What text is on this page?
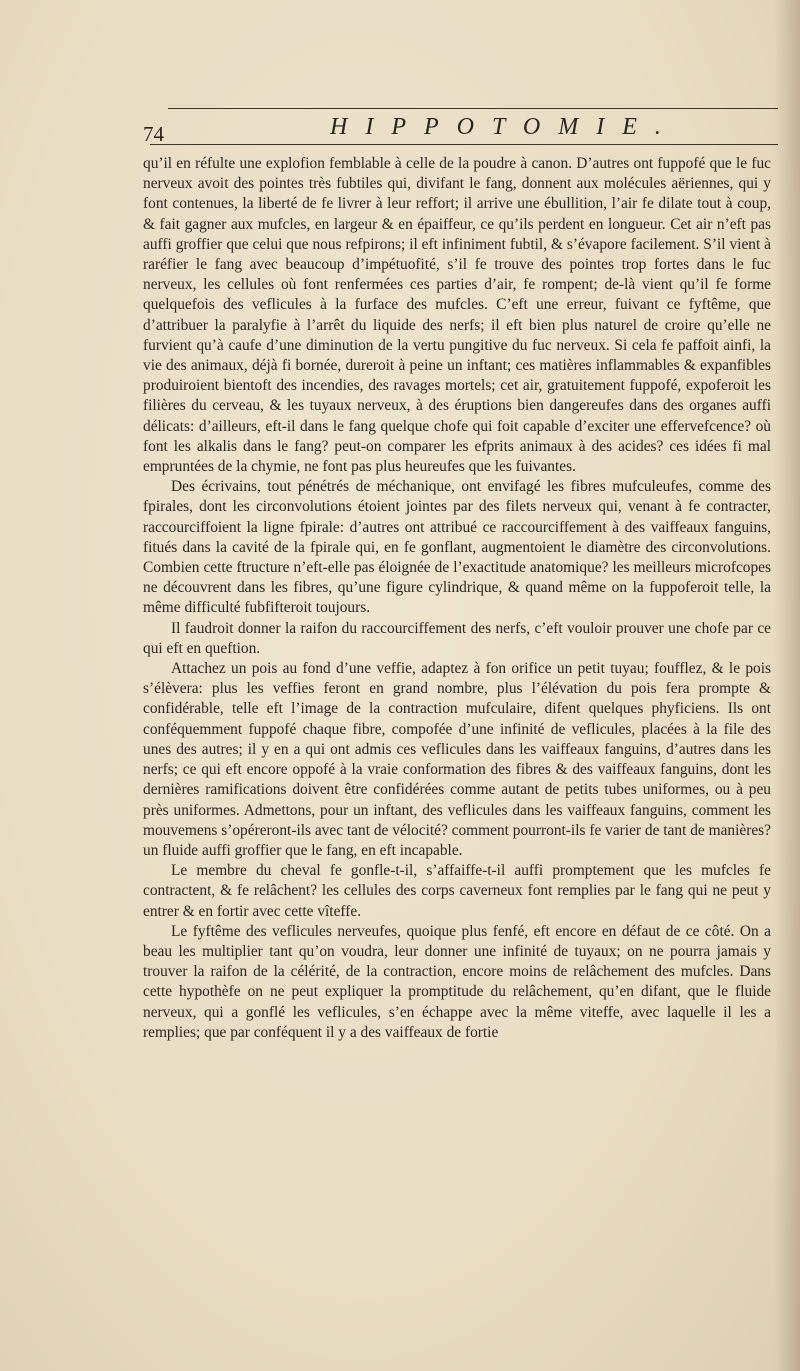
74	HIPPOTOMIE.

qu’il en réfulte une explofion femblable à celle de la poudre à canon. D’autres ont fuppofé que le fuc nerveux avoit des pointes très fubtiles qui, divifant le fang, donnent aux molécules aëriennes, qui y font contenues, la liberté de fe livrer à leur reffort; il arrive une ébullition, l’air fe dilate tout à coup, & fait gagner aux mufcles, en largeur & en épaiffeur, ce qu’ils perdent en longueur. Cet air n’eft pas auffi groffier que celui que nous refpirons; il eft infiniment fubtil, & s’évapore facilement. S’il vient à raréfier le fang avec beaucoup d’impétuofité, s’il fe trouve des pointes trop fortes dans le fuc nerveux, les cellules où font renfermées ces parties d’air, fe rompent; de-là vient qu’il fe forme quelquefois des veflicules à la furface des mufcles. C’eft une erreur, fuivant ce fyftême, que d’attribuer la paralyfie à l’arrêt du liquide des nerfs; il eft bien plus naturel de croire qu’elle ne furvient qu’à caufe d’une diminution de la vertu pungitive du fuc nerveux. Si cela fe paffoit ainfi, la vie des animaux, déjà fi bornée, dureroit à peine un inftant; ces matières inflammables & expanfibles produiroient bientoft des incendies, des ravages mortels; cet air, gratuitement fuppofé, expoferoit les filières du cerveau, & les tuyaux nerveux, à des éruptions bien dangereufes dans des organes auffi délicats: d’ailleurs, eft-il dans le fang quelque chofe qui foit capable d’exciter une effervefcence? où font les alkalis dans le fang? peut-on comparer les efprits animaux à des acides? ces idées fi mal empruntées de la chymie, ne font pas plus heureufes que les fuivantes.

Des écrivains, tout pénétrés de méchanique, ont envifagé les fibres mufculeufes, comme des fpirales, dont les circonvolutions étoient jointes par des filets nerveux qui, venant à fe contracter, raccourciffoient la ligne fpirale: d’autres ont attribué ce raccourciffement à des vaiffeaux fanguins, fitués dans la cavité de la fpirale qui, en fe gonflant, augmentoient le diamètre des circonvolutions. Combien cette ftructure n’eft-elle pas éloignée de l’exactitude anatomique? les meilleurs microfcopes ne découvrent dans les fibres, qu’une figure cylindrique, & quand même on la fuppoferoit telle, la même difficulté fubfifteroit toujours.

Il faudroit donner la raifon du raccourciffement des nerfs, c’eft vouloir prouver une chofe par ce qui eft en queftion.

Attachez un pois au fond d’une veffie, adaptez à fon orifice un petit tuyau; foufflez, & le pois s’élèvera: plus les veffies feront en grand nombre, plus l’élévation du pois fera prompte & confidérable, telle eft l’image de la contraction mufculaire, difent quelques phyficiens. Ils ont conféquemment fuppofé chaque fibre, compofée d’une infinité de veflicules, placées à la file des unes des autres; il y en a qui ont admis ces veflicules dans les vaiffeaux fanguins, d’autres dans les nerfs; ce qui eft encore oppofé à la vraie conformation des fibres & des vaiffeaux fanguins, dont les dernières ramifications doivent être confidérées comme autant de petits tubes uniformes, ou à peu près uniformes. Admettons, pour un inftant, des veflicules dans les vaiffeaux fanguins, comment les mouvemens s’opéreront-ils avec tant de vélocité? comment pourront-ils fe varier de tant de manières? un fluide auffi groffier que le fang, en eft incapable.

Le membre du cheval fe gonfle-t-il, s’affaiffe-t-il auffi promptement que les mufcles fe contractent, & fe relâchent? les cellules des corps caverneux font remplies par le fang qui ne peut y entrer & en fortir avec cette vîteffe.

Le fyftême des veflicules nerveufes, quoique plus fenfé, eft encore en défaut de ce côté. On a beau les multiplier tant qu’on voudra, leur donner une infinité de tuyaux; on ne pourra jamais y trouver la raifon de la célérité, de la contraction, encore moins de relâchement des mufcles. Dans cette hypothèfe on ne peut expliquer la promptitude du relâchement, qu’en difant, que le fluide nerveux, qui a gonflé les veflicules, s’en échappe avec la même viteffe, avec laquelle il les a remplies; que par conféquent il y a des vaiffeaux de fortie
